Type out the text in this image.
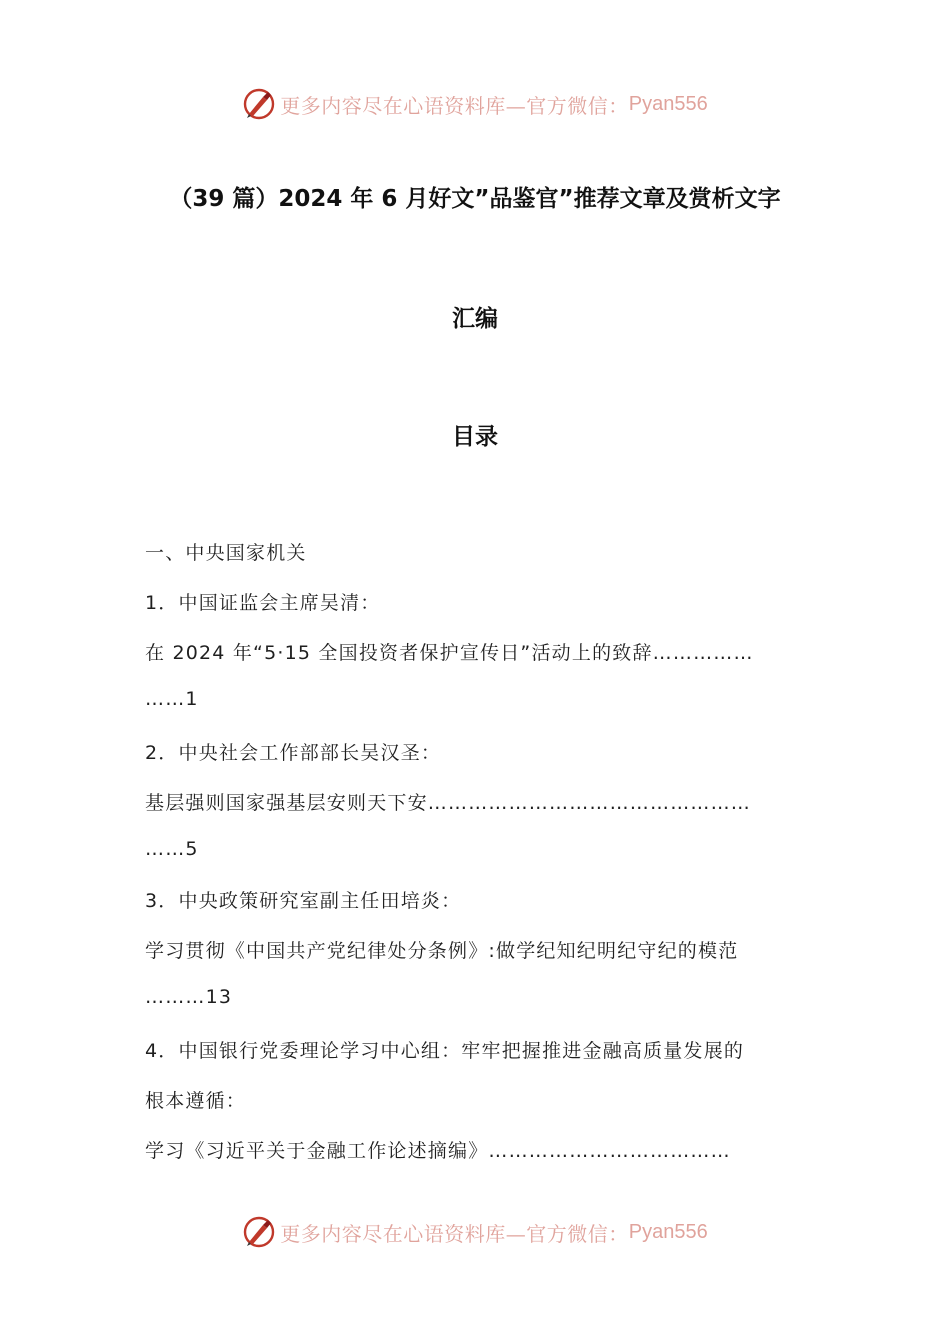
更多内容尽在心语资料库—官方微信： Pyan556
（39 篇）2024 年 6 月好文”品鉴官”推荐文章及赏析文字
汇编
目录
一、中央国家机关
1．中国证监会主席吴清：
在 2024 年“5·15 全国投资者保护宣传日”活动上的致辞……………
……1
2．中央社会工作部部长吴汉圣：
基层强则国家强基层安则天下安…………………………………………
……5
3．中央政策研究室副主任田培炎：
学习贯彻《中国共产党纪律处分条例》:做学纪知纪明纪守纪的模范
………13
4．中国银行党委理论学习中心组：牢牢把握推进金融高质量发展的
根本遵循：
学习《习近平关于金融工作论述摘编》………………………………
更多内容尽在心语资料库—官方微信： Pyan556
